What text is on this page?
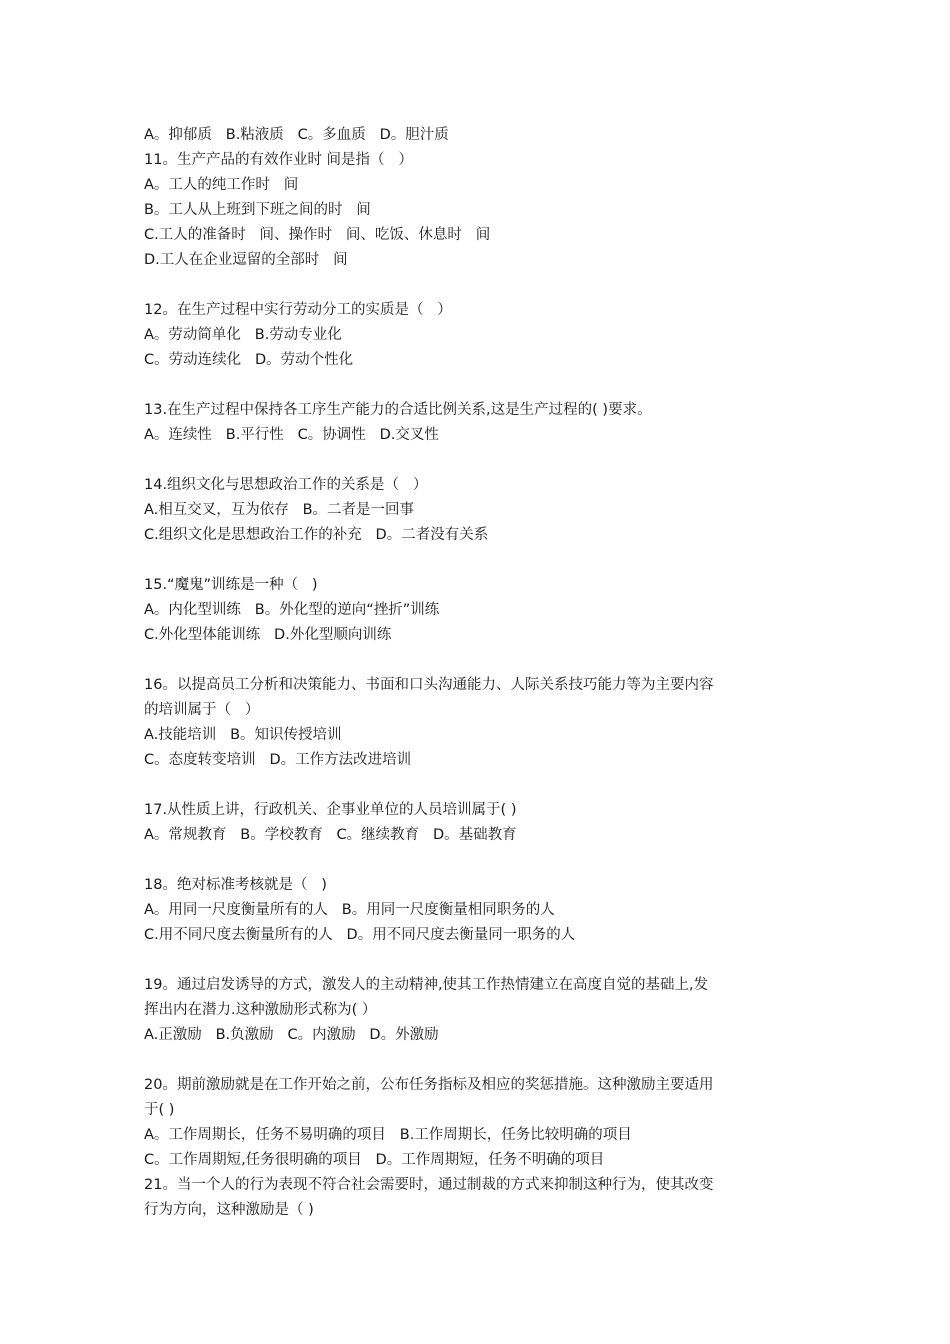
A。抑郁质   B.粘液质   C。多血质   D。胆汁质
11。生产产品的有效作业时 间是指（   ）
A。工人的纯工作时   间
B。工人从上班到下班之间的时   间
C.工人的准备时   间、操作时   间、吃饭、休息时   间
D.工人在企业逗留的全部时   间
12。在生产过程中实行劳动分工的实质是（   ）
A。劳动简单化   B.劳动专业化
C。劳动连续化   D。劳动个性化
13.在生产过程中保持各工序生产能力的合适比例关系,这是生产过程的( )要求。
A。连续性   B.平行性   C。协调性   D.交叉性
14.组织文化与思想政治工作的关系是（   ）
A.相互交叉，互为依存   B。二者是一回事
C.组织文化是思想政治工作的补充   D。二者没有关系
15.“魔鬼”训练是一种（   )
A。内化型训练   B。外化型的逆向“挫折”训练
C.外化型体能训练   D.外化型顺向训练
16。以提高员工分析和决策能力、书面和口头沟通能力、人际关系技巧能力等为主要内容
的培训属于（   ）
A.技能培训   B。知识传授培训
C。态度转变培训   D。工作方法改进培训
17.从性质上讲，行政机关、企事业单位的人员培训属于( )
A。常规教育   B。学校教育   C。继续教育   D。基础教育
18。绝对标准考核就是（   )
A。用同一尺度衡量所有的人   B。用同一尺度衡量相同职务的人
C.用不同尺度去衡量所有的人   D。用不同尺度去衡量同一职务的人
19。通过启发诱导的方式，激发人的主动精神,使其工作热情建立在高度自觉的基础上,发
挥出内在潜力.这种激励形式称为( ）
A.正激励   B.负激励   C。内激励   D。外激励
20。期前激励就是在工作开始之前，公布任务指标及相应的奖惩措施。这种激励主要适用
于( )
A。工作周期长，任务不易明确的项目   B.工作周期长，任务比较明确的项目
C。工作周期短,任务很明确的项目   D。工作周期短，任务不明确的项目
21。当一个人的行为表现不符合社会需要时，通过制裁的方式来抑制这种行为，使其改变
行为方向，这种激励是（ )
